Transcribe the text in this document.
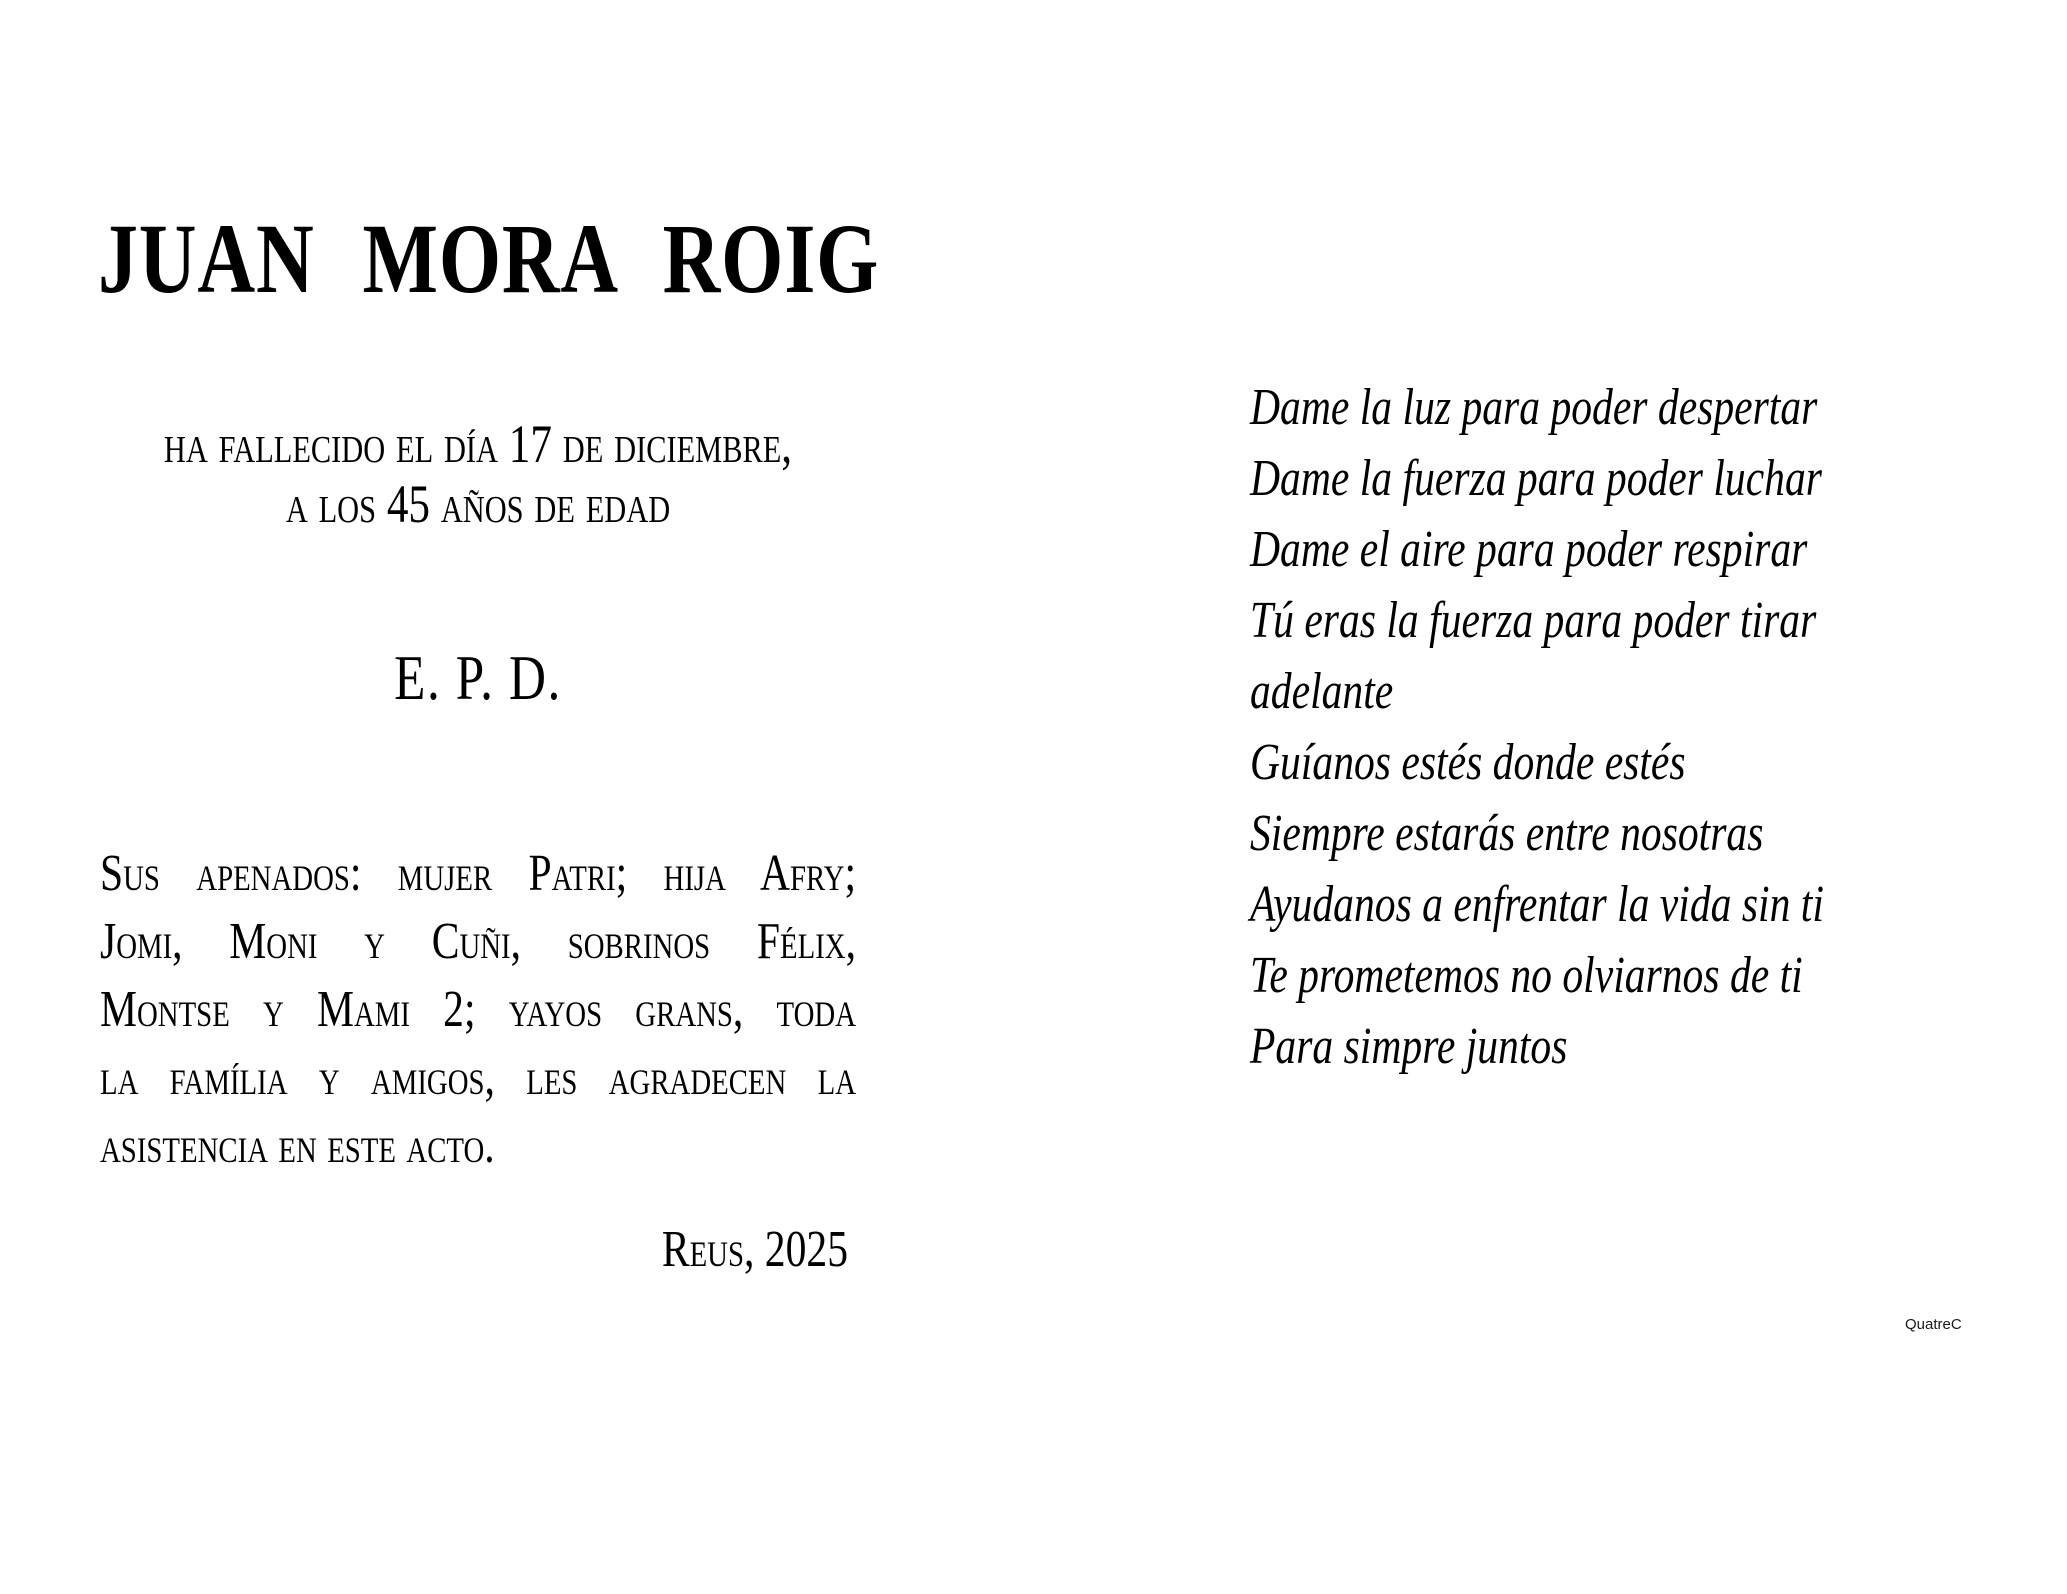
JUAN MORA ROIG
ha fallecido el día 17 de diciembre,
a los 45 años de edad
E. P. D.
Sus apenados: mujer Patri; hija Afry;
Jomi, Moni y Cuñi, sobrinos Félix,
Montse y Mami 2; yayos grans, toda
la família y amigos, les agradecen la
asistencia en este acto.
Reus, 2025
Dame la luz para poder despertar
Dame la fuerza para poder luchar
Dame el aire para poder respirar
Tú eras la fuerza para poder tirar
adelante
Guíanos estés donde estés
Siempre estarás entre nosotras
Ayudanos a enfrentar la vida sin ti
Te prometemos no olviarnos de ti
Para simpre juntos
QuatreC
